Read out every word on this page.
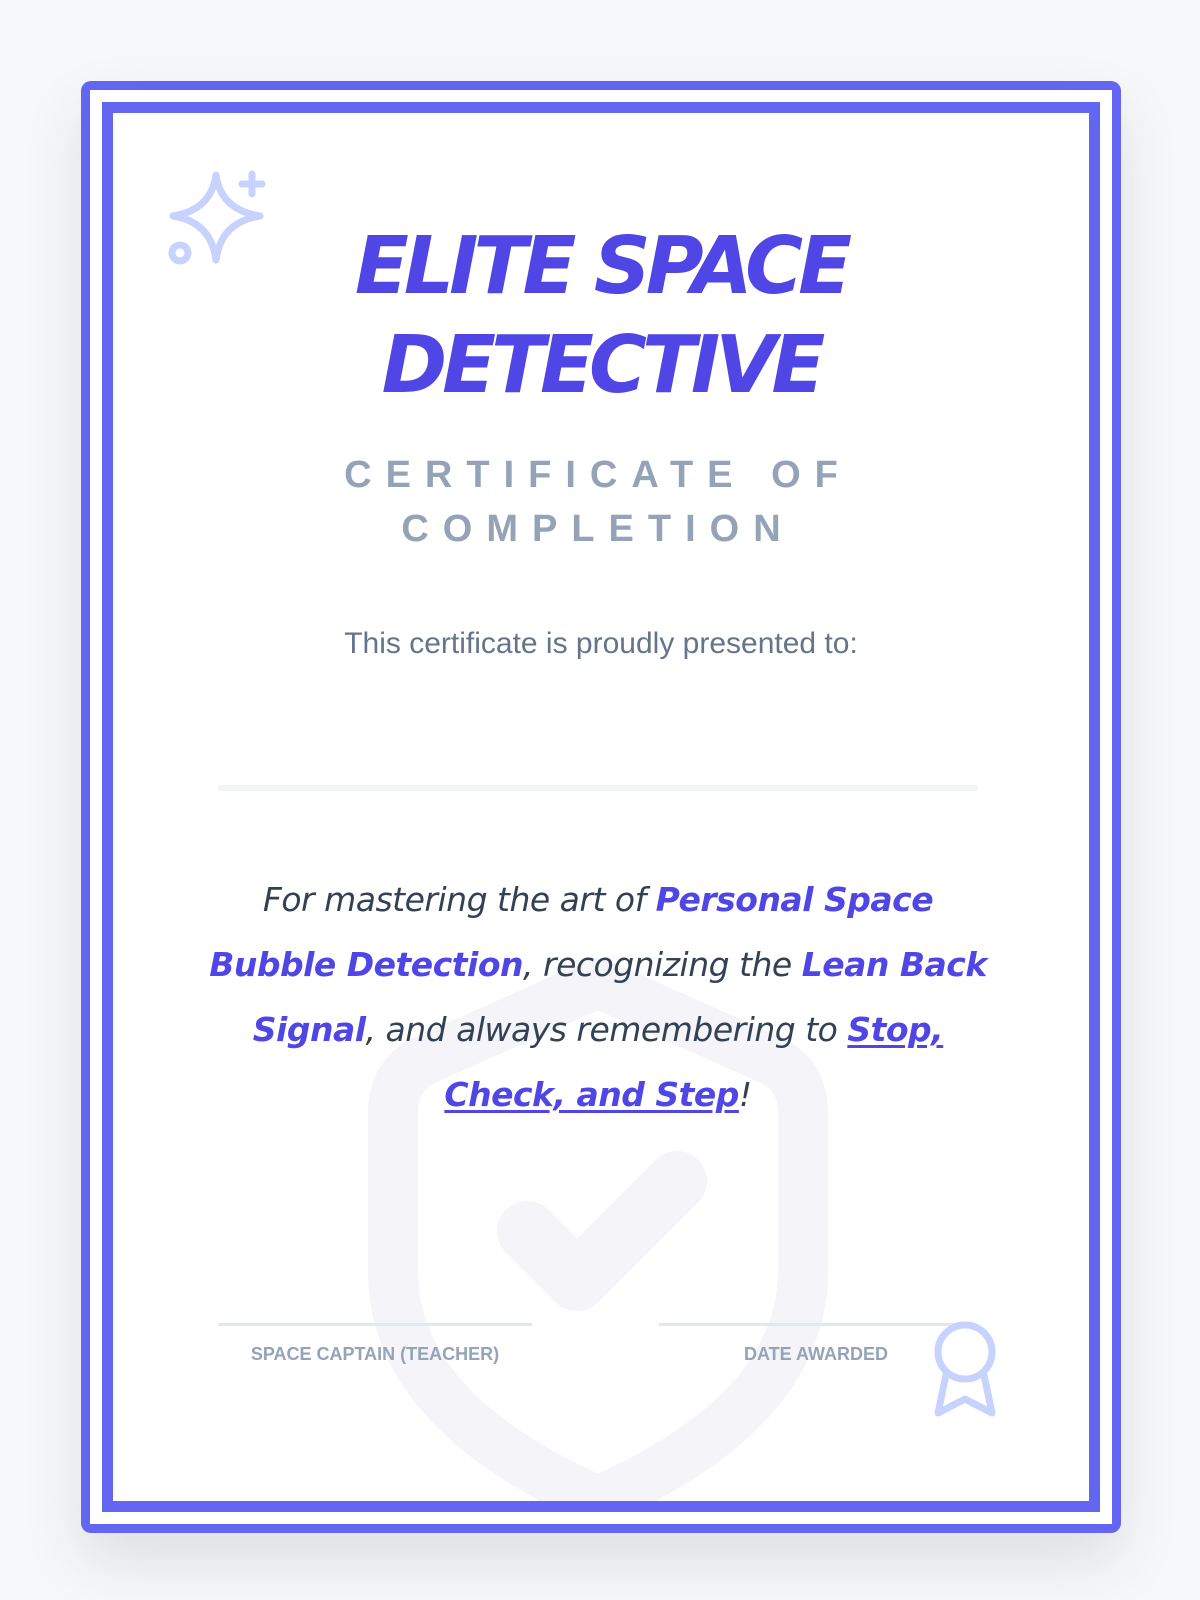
ELITE SPACE
DETECTIVE
CERTIFICATE OF
COMPLETION
This certificate is proudly presented to:

For mastering the art of Personal Space Bubble Detection, recognizing the Lean Back Signal, and always remembering to Stop, Check, and Step!

SPACE CAPTAIN (TEACHER)	DATE AWARDED
